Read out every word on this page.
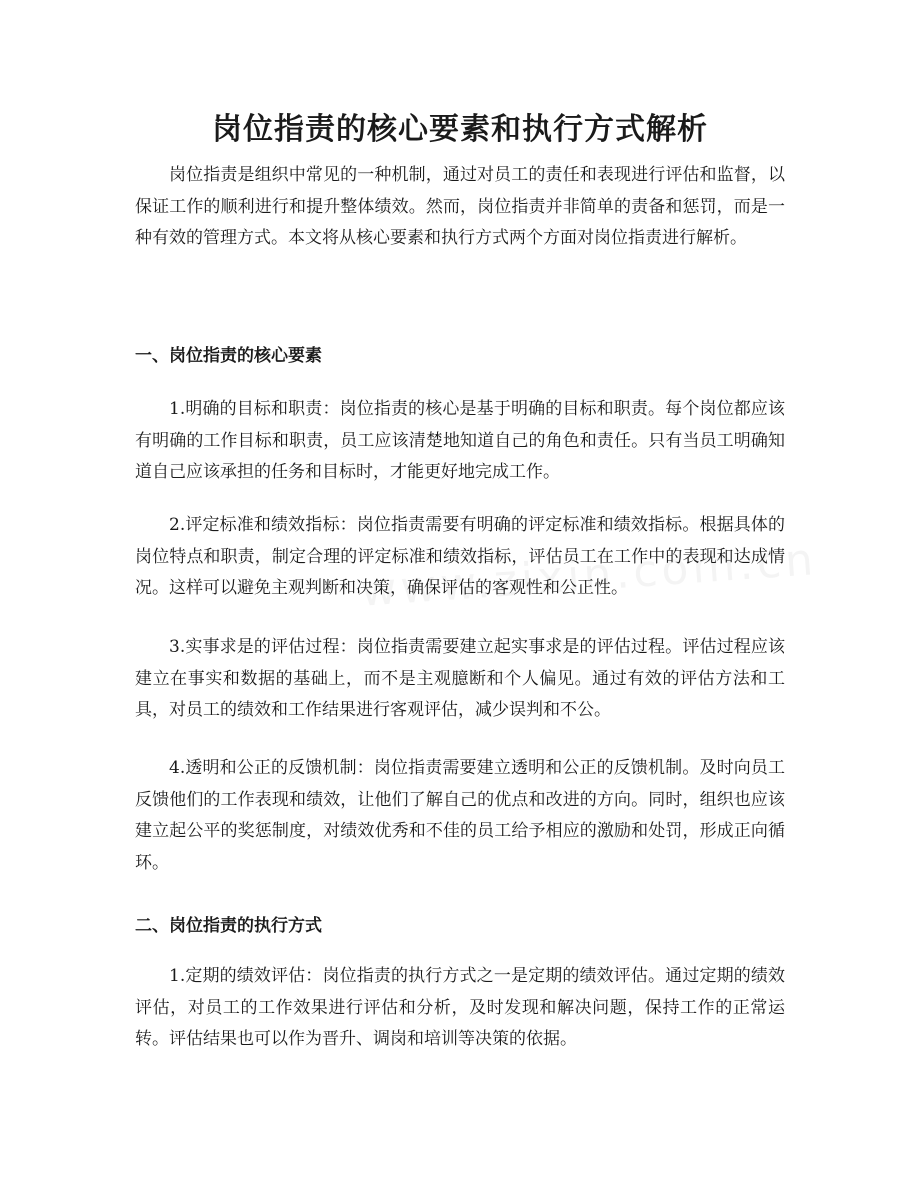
岗位指责的核心要素和执行方式解析

岗位指责是组织中常见的一种机制，通过对员工的责任和表现进行评估和监督，以保证工作的顺利进行和提升整体绩效。然而，岗位指责并非简单的责备和惩罚，而是一种有效的管理方式。本文将从核心要素和执行方式两个方面对岗位指责进行解析。

一、岗位指责的核心要素

1.明确的目标和职责：岗位指责的核心是基于明确的目标和职责。每个岗位都应该有明确的工作目标和职责，员工应该清楚地知道自己的角色和责任。只有当员工明确知道自己应该承担的任务和目标时，才能更好地完成工作。

2.评定标准和绩效指标：岗位指责需要有明确的评定标准和绩效指标。根据具体的岗位特点和职责，制定合理的评定标准和绩效指标，评估员工在工作中的表现和达成情况。这样可以避免主观判断和决策，确保评估的客观性和公正性。

3.实事求是的评估过程：岗位指责需要建立起实事求是的评估过程。评估过程应该建立在事实和数据的基础上，而不是主观臆断和个人偏见。通过有效的评估方法和工具，对员工的绩效和工作结果进行客观评估，减少误判和不公。

4.透明和公正的反馈机制：岗位指责需要建立透明和公正的反馈机制。及时向员工反馈他们的工作表现和绩效，让他们了解自己的优点和改进的方向。同时，组织也应该建立起公平的奖惩制度，对绩效优秀和不佳的员工给予相应的激励和处罚，形成正向循环。

二、岗位指责的执行方式

1.定期的绩效评估：岗位指责的执行方式之一是定期的绩效评估。通过定期的绩效评估，对员工的工作效果进行评估和分析，及时发现和解决问题，保持工作的正常运转。评估结果也可以作为晋升、调岗和培训等决策的依据。
